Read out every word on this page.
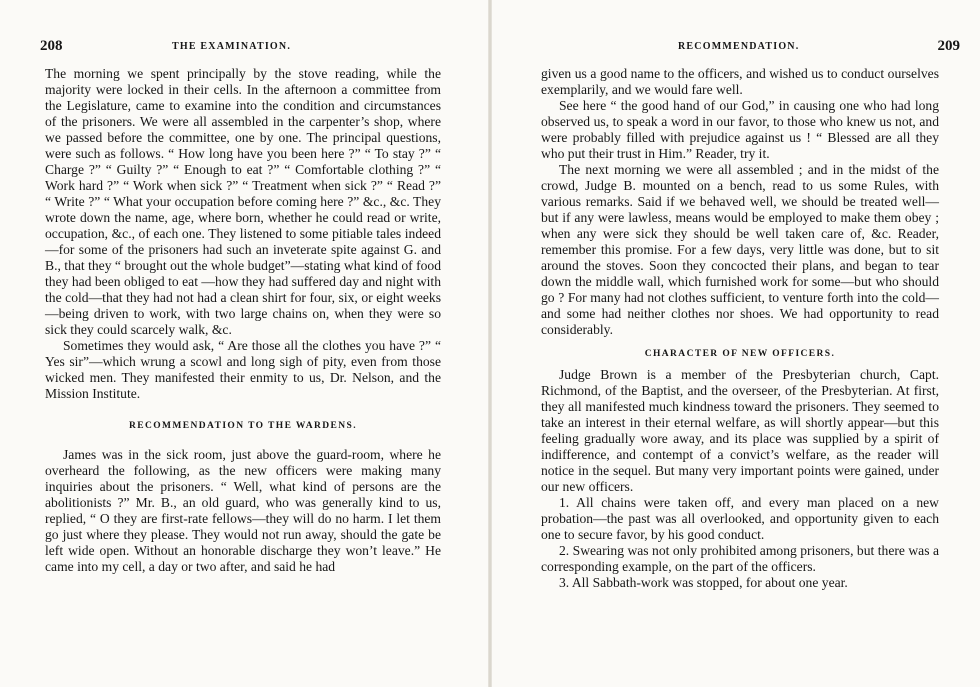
208	THE EXAMINATION.

The morning we spent principally by the stove reading, while the majority were locked in their cells. In the afternoon a committee from the Legislature, came to examine into the condition and circumstances of the prisoners. We were all assembled in the carpenter’s shop, where we passed before the committee, one by one. The principal questions, were such as follows. “ How long have you been here ?” “ To stay ?” “ Charge ?” “ Guilty ?” “ Enough to eat ?” “ Comfortable clothing ?” “ Work hard ?” “ Work when sick ?” “ Treatment when sick ?” “ Read ?” “ Write ?” “ What your occupation before coming here ?” &c., &c. They wrote down the name, age, where born, whether he could read or write, occupation, &c., of each one. They listened to some pitiable tales indeed—for some of the prisoners had such an inveterate spite against G. and B., that they “ brought out the whole budget”—stating what kind of food they had been obliged to eat —how they had suffered day and night with the cold—that they had not had a clean shirt for four, six, or eight weeks—being driven to work, with two large chains on, when they were so sick they could scarcely walk, &c.

Sometimes they would ask, “ Are those all the clothes you have ?” “ Yes sir”—which wrung a scowl and long sigh of pity, even from those wicked men. They manifested their enmity to us, Dr. Nelson, and the Mission Institute.

RECOMMENDATION TO THE WARDENS.

James was in the sick room, just above the guard-room, where he overheard the following, as the new officers were making many inquiries about the prisoners. “ Well, what kind of persons are the abolitionists ?” Mr. B., an old guard, who was generally kind to us, replied, “ O they are first-rate fellows—they will do no harm. I let them go just where they please. They would not run away, should the gate be left wide open. Without an honorable discharge they won’t leave.” He came into my cell, a day or two after, and said he had

RECOMMENDATION.	209

given us a good name to the officers, and wished us to conduct ourselves exemplarily, and we would fare well.

See here “ the good hand of our God,” in causing one who had long observed us, to speak a word in our favor, to those who knew us not, and were probably filled with prejudice against us ! “ Blessed are all they who put their trust in Him.” Reader, try it.

The next morning we were all assembled ; and in the midst of the crowd, Judge B. mounted on a bench, read to us some Rules, with various remarks. Said if we behaved well, we should be treated well—but if any were lawless, means would be employed to make them obey ; when any were sick they should be well taken care of, &c. Reader, remember this promise. For a few days, very little was done, but to sit around the stoves. Soon they concocted their plans, and began to tear down the middle wall, which furnished work for some—but who should go ? For many had not clothes sufficient, to venture forth into the cold—and some had neither clothes nor shoes. We had opportunity to read considerably.

CHARACTER OF NEW OFFICERS.

Judge Brown is a member of the Presbyterian church, Capt. Richmond, of the Baptist, and the overseer, of the Presbyterian. At first, they all manifested much kindness toward the prisoners. They seemed to take an interest in their eternal welfare, as will shortly appear—but this feeling gradually wore away, and its place was supplied by a spirit of indifference, and contempt of a convict’s welfare, as the reader will notice in the sequel. But many very important points were gained, under our new officers.

1. All chains were taken off, and every man placed on a new probation—the past was all overlooked, and opportunity given to each one to secure favor, by his good conduct.

2. Swearing was not only prohibited among prisoners, but there was a corresponding example, on the part of the officers.

3. All Sabbath-work was stopped, for about one year.
